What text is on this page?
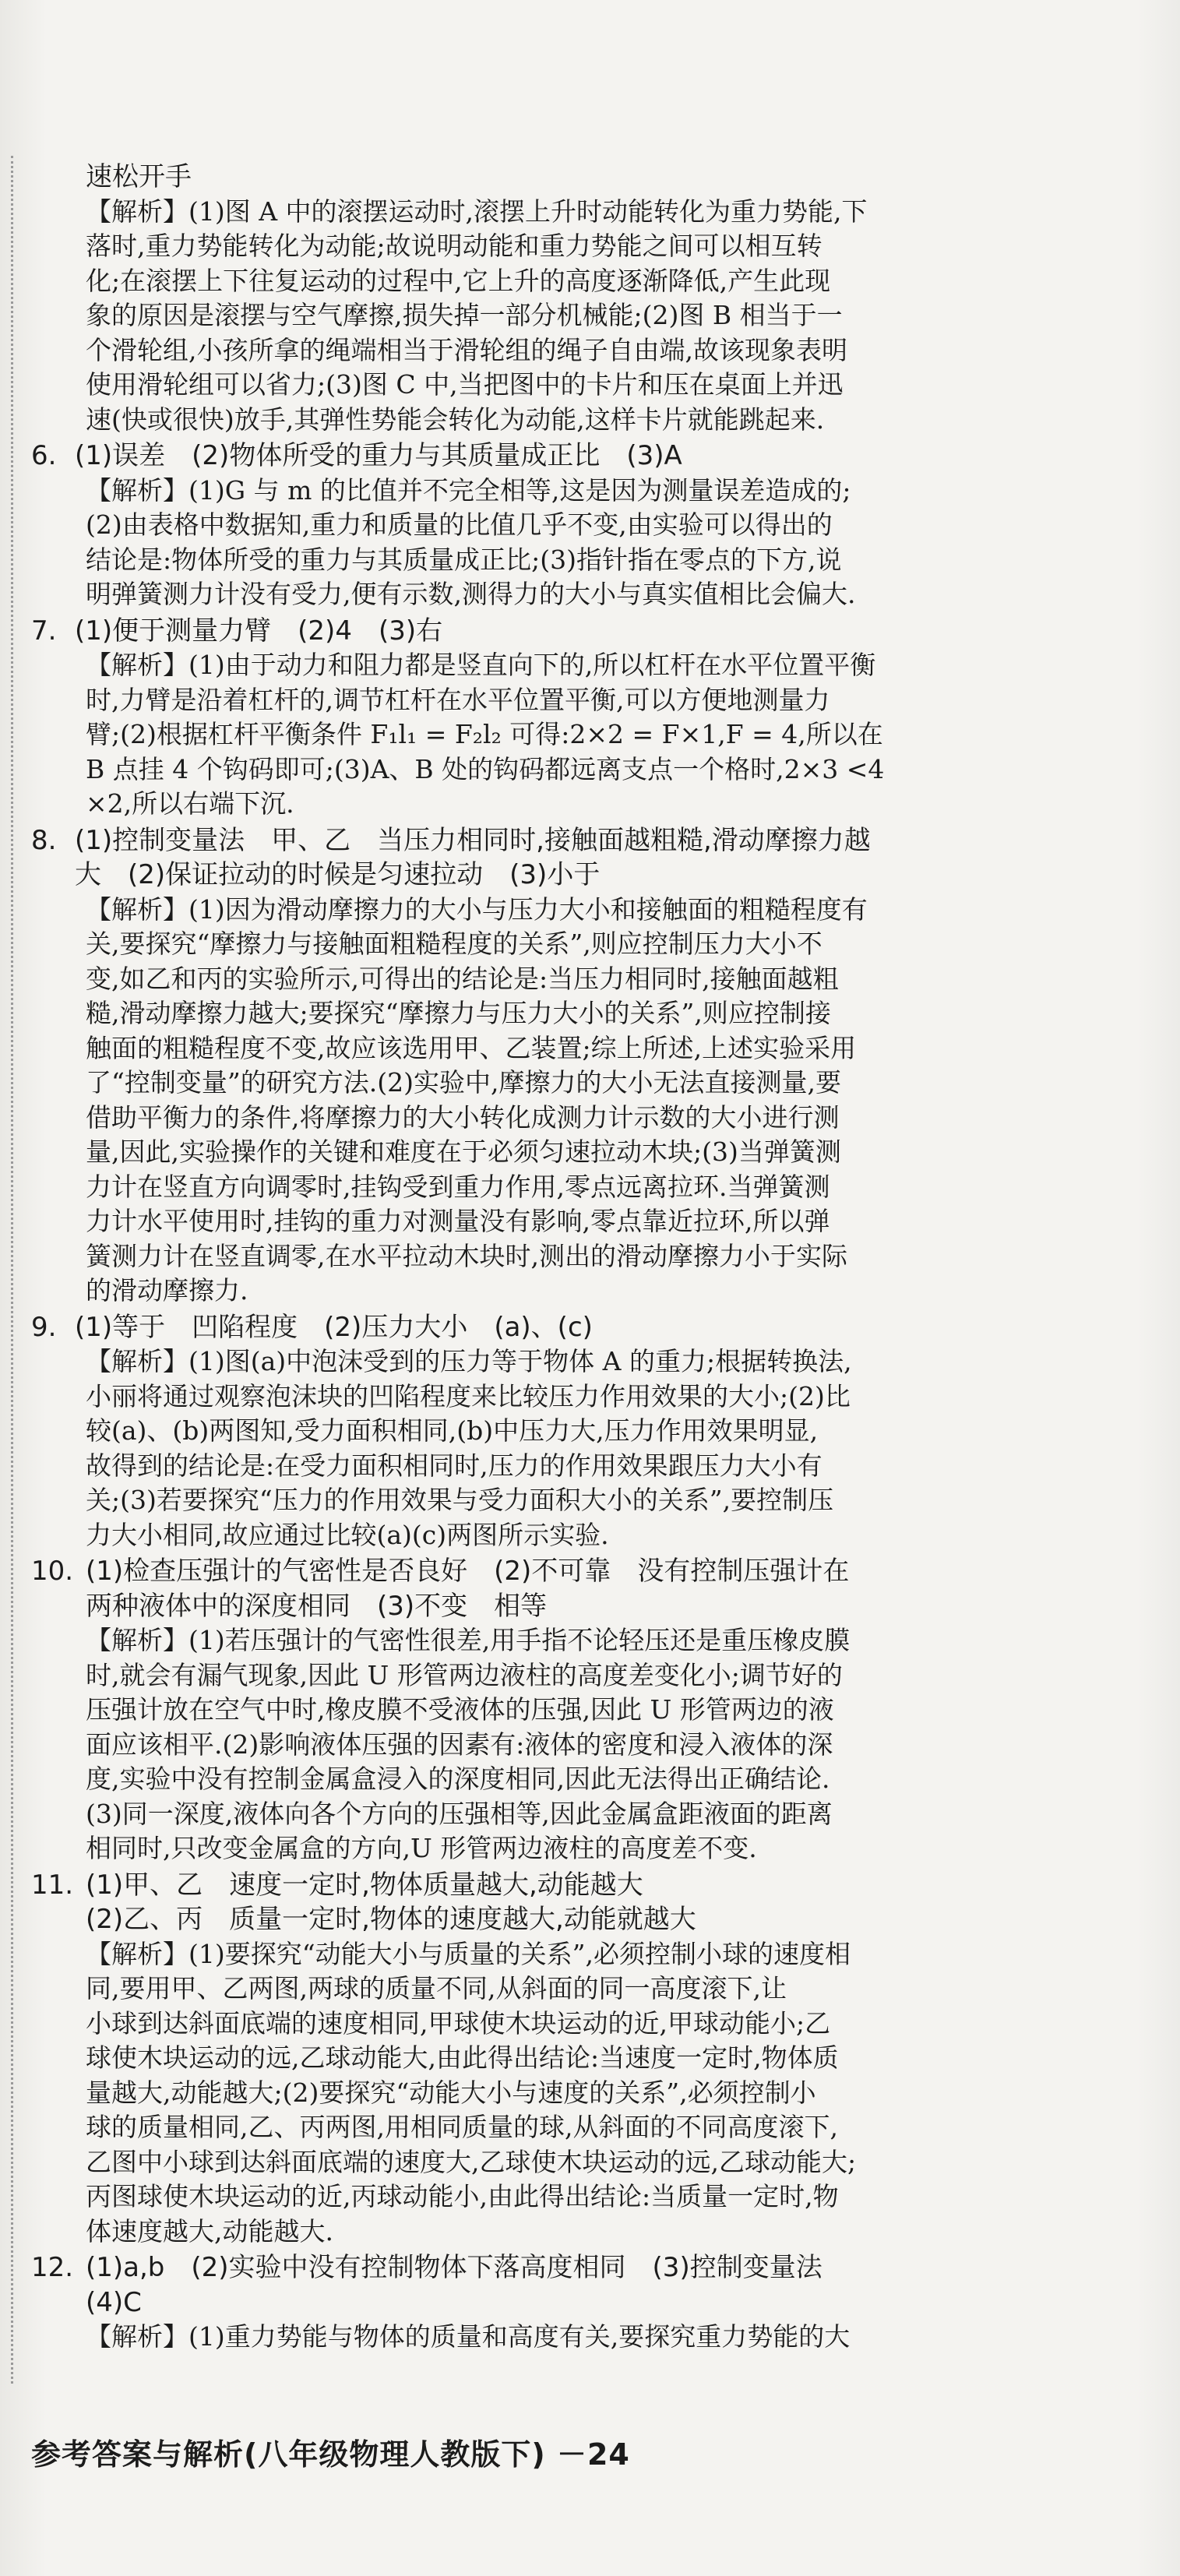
速松开手
【解析】(1)图 A 中的滚摆运动时,滚摆上升时动能转化为重力势能,下
落时,重力势能转化为动能;故说明动能和重力势能之间可以相互转
化;在滚摆上下往复运动的过程中,它上升的高度逐渐降低,产生此现
象的原因是滚摆与空气摩擦,损失掉一部分机械能;(2)图 B 相当于一
个滑轮组,小孩所拿的绳端相当于滑轮组的绳子自由端,故该现象表明
使用滑轮组可以省力;(3)图 C 中,当把图中的卡片和压在桌面上并迅
速(快或很快)放手,其弹性势能会转化为动能,这样卡片就能跳起来.
6. (1)误差　(2)物体所受的重力与其质量成正比　(3)A
【解析】(1)G 与 m 的比值并不完全相等,这是因为测量误差造成的;
(2)由表格中数据知,重力和质量的比值几乎不变,由实验可以得出的
结论是:物体所受的重力与其质量成正比;(3)指针指在零点的下方,说
明弹簧测力计没有受力,便有示数,测得力的大小与真实值相比会偏大.
7. (1)便于测量力臂　(2)4　(3)右
【解析】(1)由于动力和阻力都是竖直向下的,所以杠杆在水平位置平衡
时,力臂是沿着杠杆的,调节杠杆在水平位置平衡,可以方便地测量力
臂;(2)根据杠杆平衡条件 F₁l₁ = F₂l₂ 可得:2×2 = F×1,F = 4,所以在
B 点挂 4 个钩码即可;(3)A、B 处的钩码都远离支点一个格时,2×3 <4
×2,所以右端下沉.
8. (1)控制变量法　甲、乙　当压力相同时,接触面越粗糙,滑动摩擦力越
大　(2)保证拉动的时候是匀速拉动　(3)小于
【解析】(1)因为滑动摩擦力的大小与压力大小和接触面的粗糙程度有
关,要探究“摩擦力与接触面粗糙程度的关系”,则应控制压力大小不
变,如乙和丙的实验所示,可得出的结论是:当压力相同时,接触面越粗
糙,滑动摩擦力越大;要探究“摩擦力与压力大小的关系”,则应控制接
触面的粗糙程度不变,故应该选用甲、乙装置;综上所述,上述实验采用
了“控制变量”的研究方法.(2)实验中,摩擦力的大小无法直接测量,要
借助平衡力的条件,将摩擦力的大小转化成测力计示数的大小进行测
量,因此,实验操作的关键和难度在于必须匀速拉动木块;(3)当弹簧测
力计在竖直方向调零时,挂钩受到重力作用,零点远离拉环.当弹簧测
力计水平使用时,挂钩的重力对测量没有影响,零点靠近拉环,所以弹
簧测力计在竖直调零,在水平拉动木块时,测出的滑动摩擦力小于实际
的滑动摩擦力.
9. (1)等于　凹陷程度　(2)压力大小　(a)、(c)
【解析】(1)图(a)中泡沫受到的压力等于物体 A 的重力;根据转换法,
小丽将通过观察泡沫块的凹陷程度来比较压力作用效果的大小;(2)比
较(a)、(b)两图知,受力面积相同,(b)中压力大,压力作用效果明显,
故得到的结论是:在受力面积相同时,压力的作用效果跟压力大小有
关;(3)若要探究“压力的作用效果与受力面积大小的关系”,要控制压
力大小相同,故应通过比较(a)(c)两图所示实验.
10. (1)检查压强计的气密性是否良好　(2)不可靠　没有控制压强计在
两种液体中的深度相同　(3)不变　相等
【解析】(1)若压强计的气密性很差,用手指不论轻压还是重压橡皮膜
时,就会有漏气现象,因此 U 形管两边液柱的高度差变化小;调节好的
压强计放在空气中时,橡皮膜不受液体的压强,因此 U 形管两边的液
面应该相平.(2)影响液体压强的因素有:液体的密度和浸入液体的深
度,实验中没有控制金属盒浸入的深度相同,因此无法得出正确结论.
(3)同一深度,液体向各个方向的压强相等,因此金属盒距液面的距离
相同时,只改变金属盒的方向,U 形管两边液柱的高度差不变.
11. (1)甲、乙　速度一定时,物体质量越大,动能越大
(2)乙、丙　质量一定时,物体的速度越大,动能就越大
【解析】(1)要探究“动能大小与质量的关系”,必须控制小球的速度相
同,要用甲、乙两图,两球的质量不同,从斜面的同一高度滚下,让
小球到达斜面底端的速度相同,甲球使木块运动的近,甲球动能小;乙
球使木块运动的远,乙球动能大,由此得出结论:当速度一定时,物体质
量越大,动能越大;(2)要探究“动能大小与速度的关系”,必须控制小
球的质量相同,乙、丙两图,用相同质量的球,从斜面的不同高度滚下,
乙图中小球到达斜面底端的速度大,乙球使木块运动的远,乙球动能大;
丙图球使木块运动的近,丙球动能小,由此得出结论:当质量一定时,物
体速度越大,动能越大.
12. (1)a,b　(2)实验中没有控制物体下落高度相同　(3)控制变量法
(4)C
【解析】(1)重力势能与物体的质量和高度有关,要探究重力势能的大
参考答案与解析(八年级物理人教版下) －24
